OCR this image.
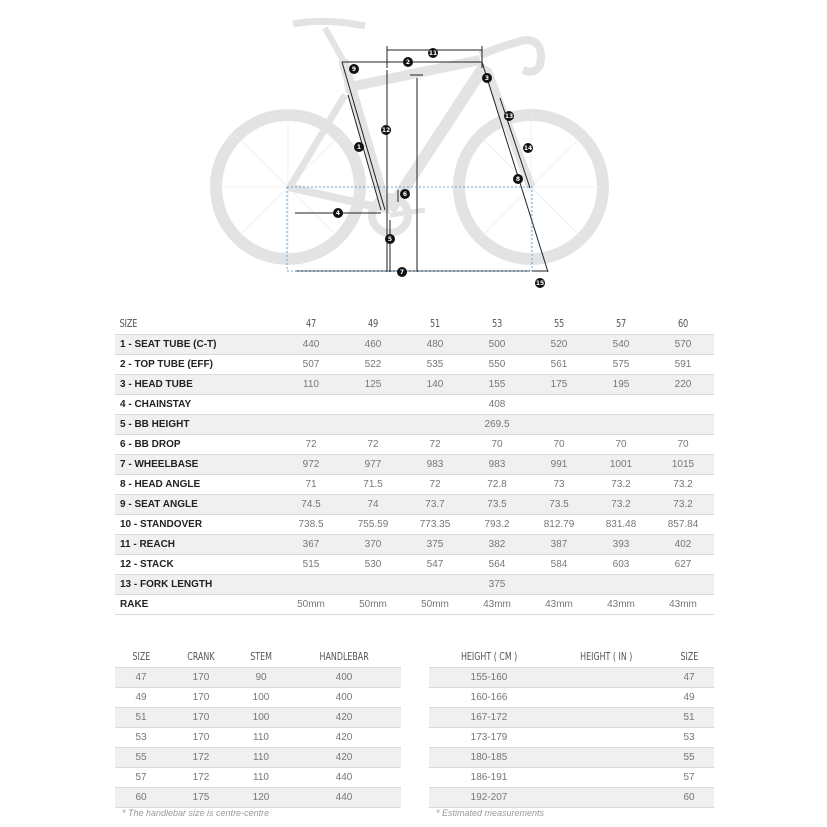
1
2
3
4
5
6
7
8
9
11
12
13
14
15
SIZE	47	49	51	53	55	57	60
1 - SEAT TUBE (C-T)	440	460	480	500	520	540	570
2 - TOP TUBE (EFF)	507	522	535	550	561	575	591
3 - HEAD TUBE	110	125	140	155	175	195	220
4 - CHAINSTAY				408			
5 - BB HEIGHT				269.5			
6 - BB DROP	72	72	72	70	70	70	70
7 - WHEELBASE	972	977	983	983	991	1001	1015
8 - HEAD ANGLE	71	71.5	72	72.8	73	73.2	73.2
9 - SEAT ANGLE	74.5	74	73.7	73.5	73.5	73.2	73.2
10 - STANDOVER	738.5	755.59	773.35	793.2	812.79	831.48	857.84
11 - REACH	367	370	375	382	387	393	402
12 - STACK	515	530	547	564	584	603	627
13 - FORK LENGTH				375			
RAKE	50mm	50mm	50mm	43mm	43mm	43mm	43mm
SIZE	CRANK	STEM	HANDLEBAR
47	170	90	400
49	170	100	400
51	170	100	420
53	170	110	420
55	172	110	420
57	172	110	440
60	175	120	440
* The handlebar size is centre-centre
HEIGHT ( CM )	HEIGHT ( IN )	SIZE
155-160		47
160-166		49
167-172		51
173-179		53
180-185		55
186-191		57
192-207		60
* Estimated measurements
